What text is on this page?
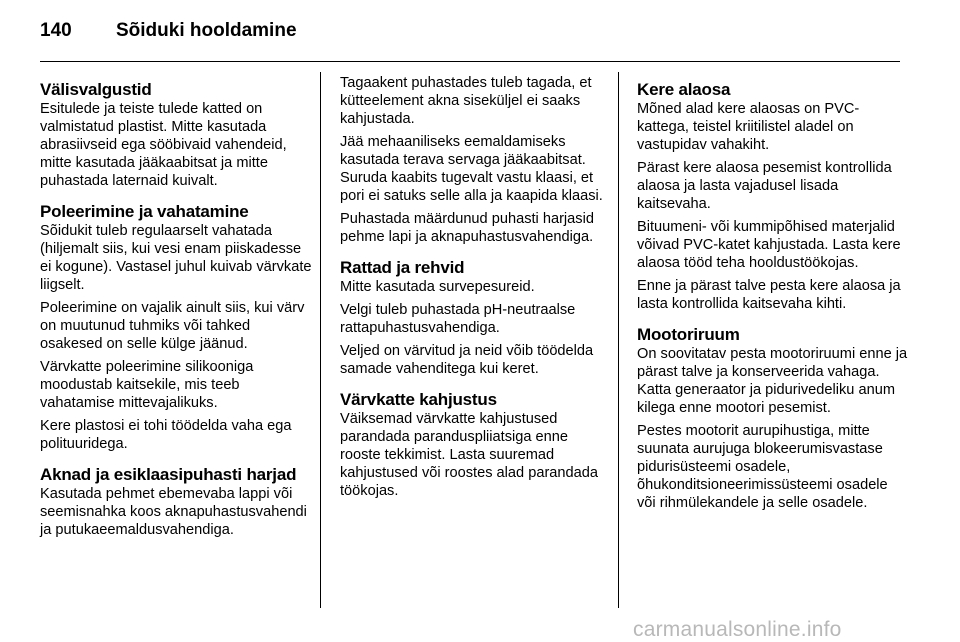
140 Sõiduki hooldamine
Välisvalgustid

Esitulede ja teiste tulede katted on valmistatud plastist. Mitte kasutada abrasiivseid ega sööbivaid vahendeid, mitte kasutada jääkaabitsat ja mitte puhastada laternaid kuivalt.

Poleerimine ja vahatamine

Sõidukit tuleb regulaarselt vahatada (hiljemalt siis, kui vesi enam piiskadesse ei kogune). Vastasel juhul kuivab värvkate liigselt.

Poleerimine on vajalik ainult siis, kui värv on muutunud tuhmiks või tahked osakesed on selle külge jäänud.

Värvkatte poleerimine silikooniga moodustab kaitsekile, mis teeb vahatamise mittevajalikuks.

Kere plastosi ei tohi töödelda vaha ega polituuridega.

Aknad ja esiklaasipuhasti harjad

Kasutada pehmet ebemevaba lappi või seemisnahka koos aknapuhastusvahendi ja putukaeemaldusvahendiga.

Tagaakent puhastades tuleb tagada, et kütteelement akna siseküljel ei saaks kahjustada.

Jää mehaaniliseks eemaldamiseks kasutada terava servaga jääkaabitsat. Suruda kaabits tugevalt vastu klaasi, et pori ei satuks selle alla ja kaapida klaasi.

Puhastada määrdunud puhasti harjasid pehme lapi ja aknapuhastusvahendiga.

Rattad ja rehvid

Mitte kasutada survepesureid.

Velgi tuleb puhastada pH-neutraalse rattapuhastusvahendiga.

Veljed on värvitud ja neid võib töödelda samade vahenditega kui keret.

Värvkatte kahjustus

Väiksemad värvkatte kahjustused parandada paranduspliiatsiga enne rooste tekkimist. Lasta suuremad kahjustused või roostes alad parandada töökojas.

Kere alaosa

Mõned alad kere alaosas on PVC-kattega, teistel kriitilistel aladel on vastupidav vahakiht.

Pärast kere alaosa pesemist kontrollida alaosa ja lasta vajadusel lisada kaitsevaha.

Bituumeni- või kummipõhised materjalid võivad PVC-katet kahjustada. Lasta kere alaosa tööd teha hooldustöökojas.

Enne ja pärast talve pesta kere alaosa ja lasta kontrollida kaitsevaha kihti.

Mootoriruum

On soovitatav pesta mootoriruumi enne ja pärast talve ja konserveerida vahaga. Katta generaator ja pidurivedeliku anum kilega enne mootori pesemist.

Pestes mootorit aurupihustiga, mitte suunata aurujuga blokeerumisvastase pidurisüsteemi osadele, õhukonditsioneerimissüsteemi osadele või rihmülekandele ja selle osadele.

carmanualsonline.info
